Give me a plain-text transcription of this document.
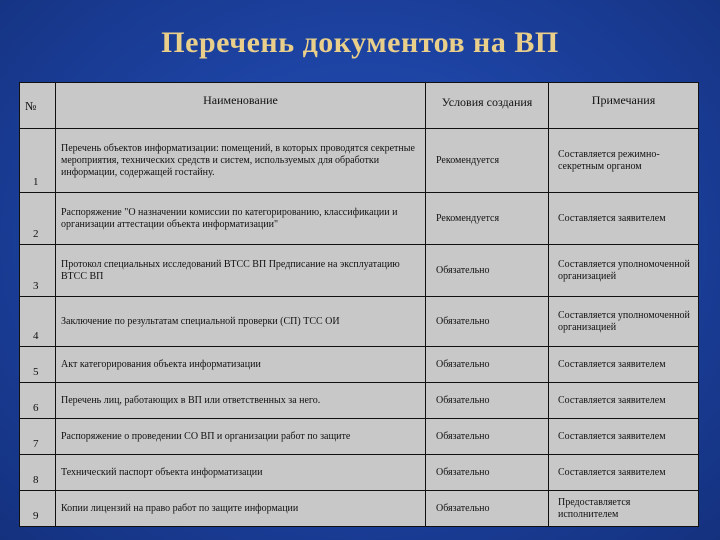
Перечень документов на ВП
№	Наименование	Условия создания	Примечания
1	Перечень объектов информатизации: помещений, в которых проводятся секретные мероприятия, технических средств и систем, используемых для обработки информации, содержащей гостайну.	Рекомендуется	Составляется режимно- секретным органом
2	Распоряжение "О назначении комиссии по категорированию, классификации и организации аттестации объекта информатизации"	Рекомендуется	Составляется заявителем
3	Протокол специальных исследований ВТСС ВП Предписание на эксплуатацию ВТСС ВП	Обязательно	Составляется уполномоченной организацией
4	Заключение по результатам специальной проверки (СП) ТСС ОИ	Обязательно	Составляется уполномоченной организацией
5	Акт категорирования объекта информатизации	Обязательно	Составляется заявителем
6	Перечень лиц, работающих в ВП или ответственных за него.	Обязательно	Составляется заявителем
7	Распоряжение о проведении СО ВП и организации работ по защите	Обязательно	Составляется заявителем
8	Технический паспорт объекта информатизации	Обязательно	Составляется заявителем
9	Копии лицензий на право работ по защите информации	Обязательно	Предоставляется исполнителем
